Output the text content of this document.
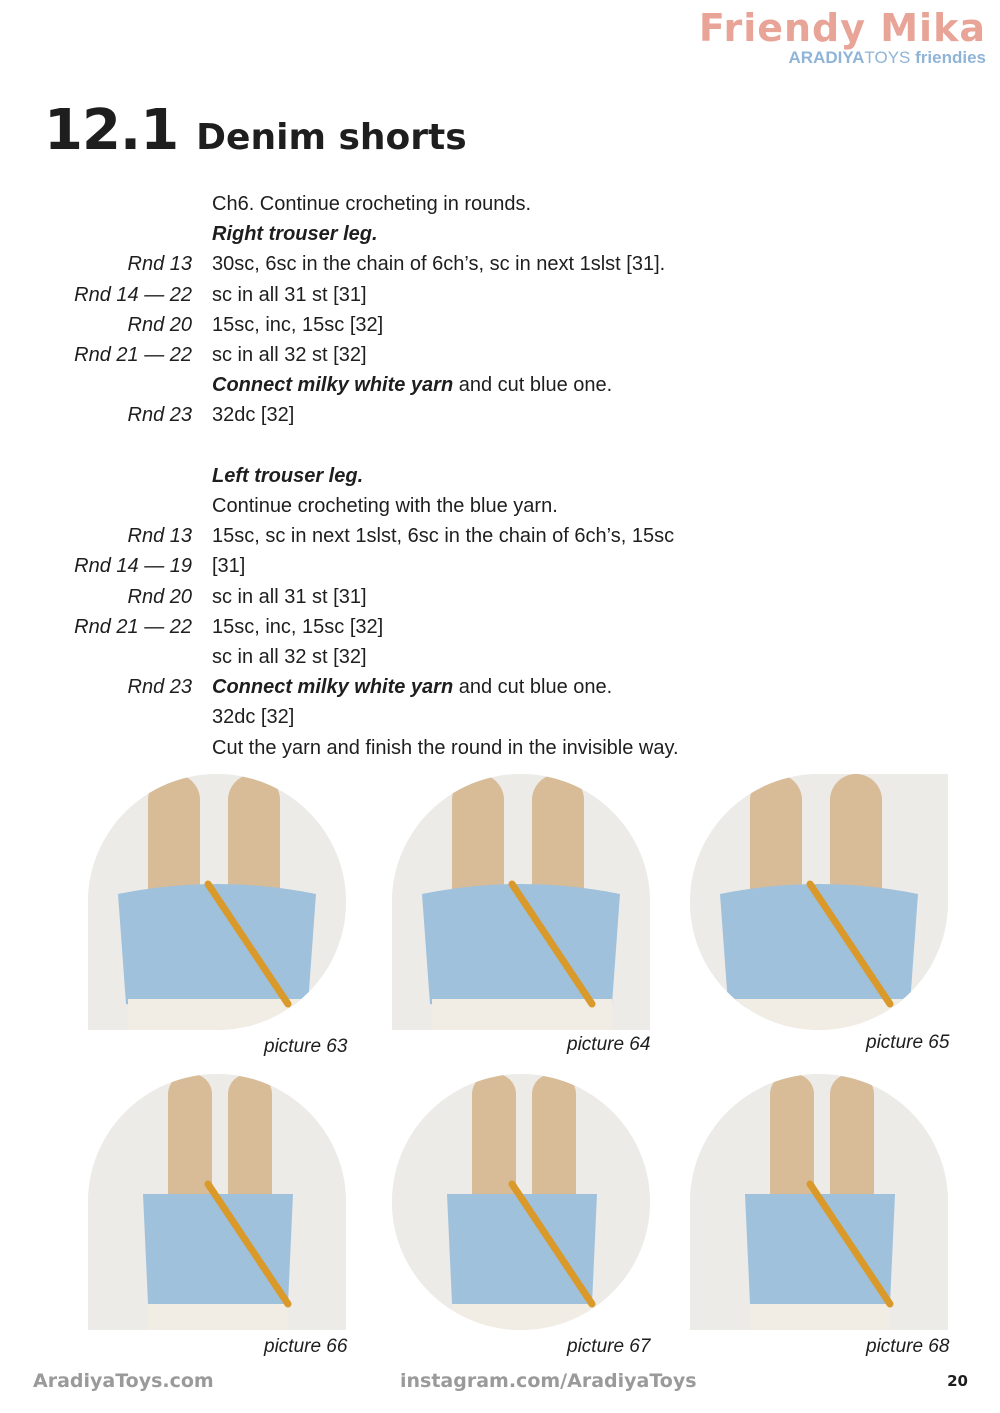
Friendy Mika
ARADIYATOYS friendies
12.1 Denim shorts
Ch6. Continue crocheting in rounds.
Right trouser leg.
Rnd 13 30sc, 6sc in the chain of 6ch’s, sc in next 1slst [31].
Rnd 14 — 22 sc in all 31 st [31]
Rnd 20 15sc, inc, 15sc [32]
Rnd 21 — 22 sc in all 32 st [32]
Connect milky white yarn and cut blue one.
Rnd 23 32dc [32]
Left trouser leg.
Continue crocheting with the blue yarn.
Rnd 13 15sc, sc in next 1slst, 6sc in the chain of 6ch’s, 15sc
Rnd 14 — 19 [31]
Rnd 20 sc in all 31 st [31]
Rnd 21 — 22 15sc, inc, 15sc [32]
sc in all 32 st [32]
Rnd 23 Connect milky white yarn and cut blue one.
32dc [32]
Cut the yarn and finish the round in the invisible way.
picture 63	picture 64	picture 65
picture 66	picture 67	picture 68
AradiyaToys.com	instagram.com/AradiyaToys	20
